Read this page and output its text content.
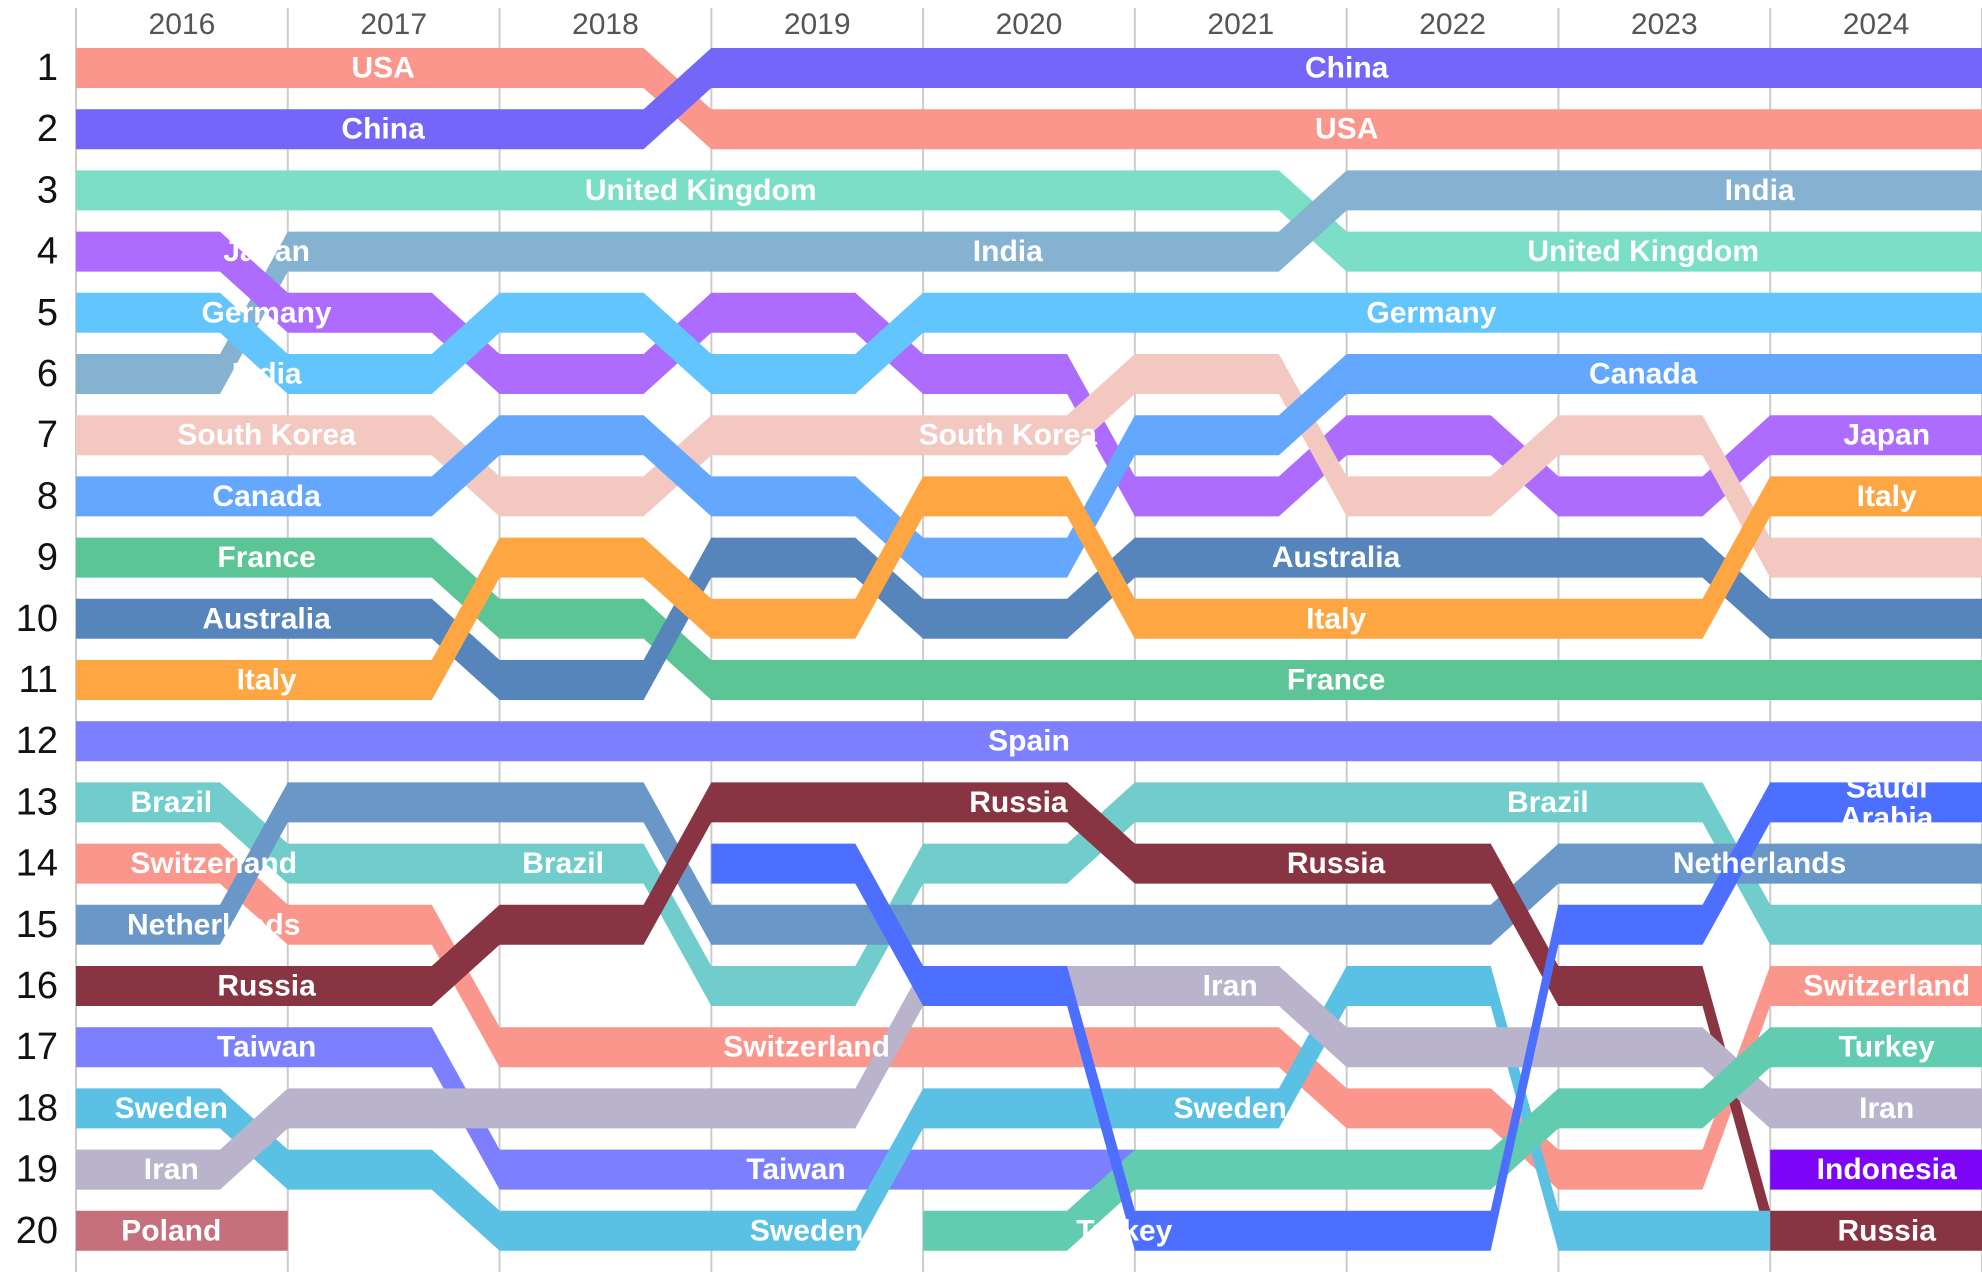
USA	China
China	USA
United Kingdom	India
Japan	India	United Kingdom
Germany	Germany
India	Canada
South Korea	South Korea	Japan
Canada	Italy
France	Australia
Australia	Italy
Italy	France
Spain
Brazil	Russia	Brazil	Saudi Arabia
Switzerland	Brazil	Russia	Netherlands
Netherlands
Russia	Iran	Switzerland
Taiwan	Switzerland	Turkey
Sweden	Sweden	Iran
Iran	Taiwan	Indonesia
Poland	Sweden	Turkey	Russia
2016	2017	2018	2019	2020	2021	2022	2023	2024
1
2
3
4
5
6
7
8
9
10
11
12
13
14
15
16
17
18
19
20
